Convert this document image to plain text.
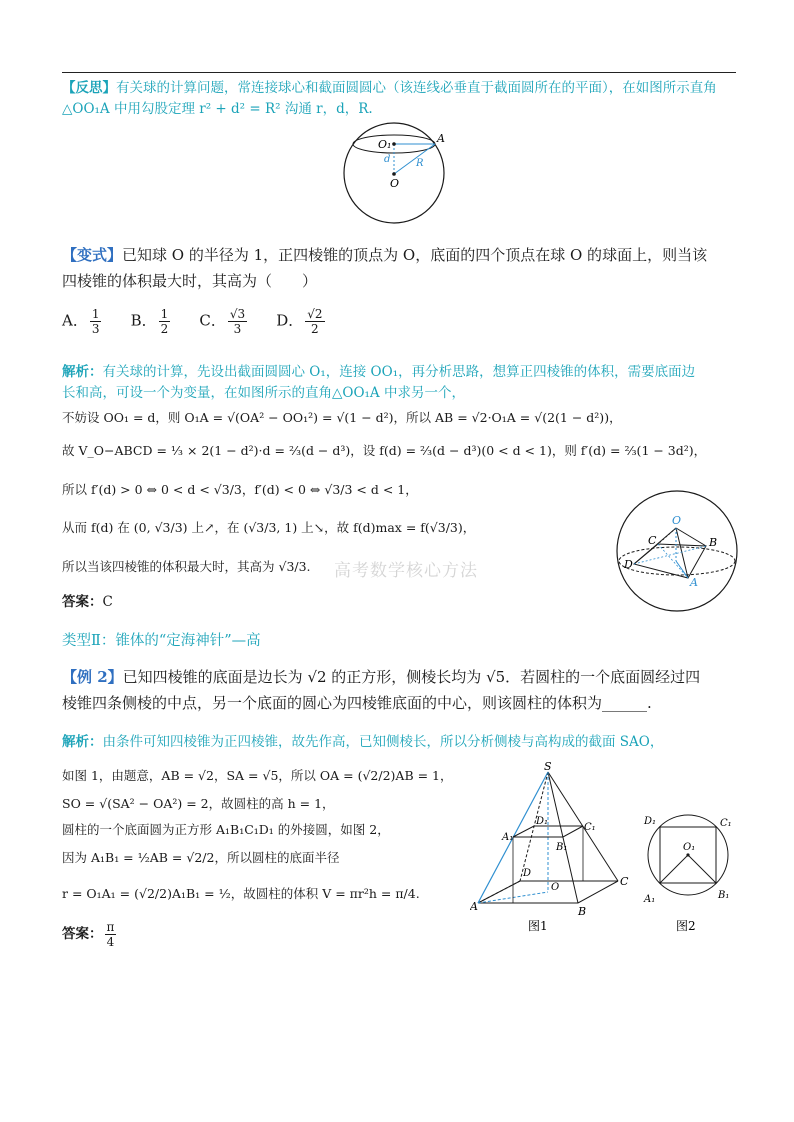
【反思】有关球的计算问题，常连接球心和截面圆圆心（该连线必垂直于截面圆所在的平面），在如图所示直角
△OO₁A 中用勾股定理 r² + d² = R² 沟通 r，d，R.
O₁	A
d	R
O
【变式】已知球 O 的半径为 1，正四棱锥的顶点为 O，底面的四个顶点在球 O 的球面上，则当该
四棱锥的体积最大时，其高为（　　）
A． $\frac{1}{3}$ B． $\frac{1}{2}$ C． $\frac{√3}{3}$ D． $\frac{√2}{2}$
解析：有关球的计算，先设出截面圆圆心 O₁，连接 OO₁，再分析思路，想算正四棱锥的体积，需要底面边
长和高，可设一个为变量，在如图所示的直角△OO₁A 中求另一个，
不妨设 OO₁ = d，则 O₁A = √(OA² − OO₁²) = √(1 − d²)，所以 AB = √2·O₁A = √(2(1 − d²))，
故 V_O−ABCD = ⅓ × 2(1 − d²)·d = ⅔(d − d³)，设 f(d) = ⅔(d − d³)(0 < d < 1)，则 f′(d) = ⅔(1 − 3d²)，
所以 f′(d) > 0 ⇔ 0 < d < √3/3，f′(d) < 0 ⇔ √3/3 < d < 1，
从而 f(d) 在 (0, √3/3) 上↗，在 (√3/3, 1) 上↘，故 f(d)max = f(√3/3)，
所以当该四棱锥的体积最大时，其高为 √3/3.
答案：C
高考数学核心方法
O
C	B
D
A
类型Ⅱ：锥体的“定海神针”—高
【例 2】已知四棱锥的底面是边长为 √2 的正方形，侧棱长均为 √5．若圆柱的一个底面圆经过四
棱锥四条侧棱的中点，另一个底面的圆心为四棱锥底面的中心，则该圆柱的体积为______.
解析：由条件可知四棱锥为正四棱锥，故先作高，已知侧棱长，所以分析侧棱与高构成的截面 SAO，
如图 1，由题意，AB = √2，SA = √5，所以 OA = (√2/2)AB = 1，
SO = √(SA² − OA²) = 2，故圆柱的高 h = 1，
圆柱的一个底面圆为正方形 A₁B₁C₁D₁ 的外接圆，如图 2，
因为 A₁B₁ = ½AB = √2/2，所以圆柱的底面半径
r = O₁A₁ = (√2/2)A₁B₁ = ½，故圆柱的体积 V = πr²h = π/4.
答案： $\frac{\pi}{4}$
S
D₁
C₁
A₁
B₁
D
O	C
A	B
图1
D₁	C₁
O₁
A₁	B₁
图2
